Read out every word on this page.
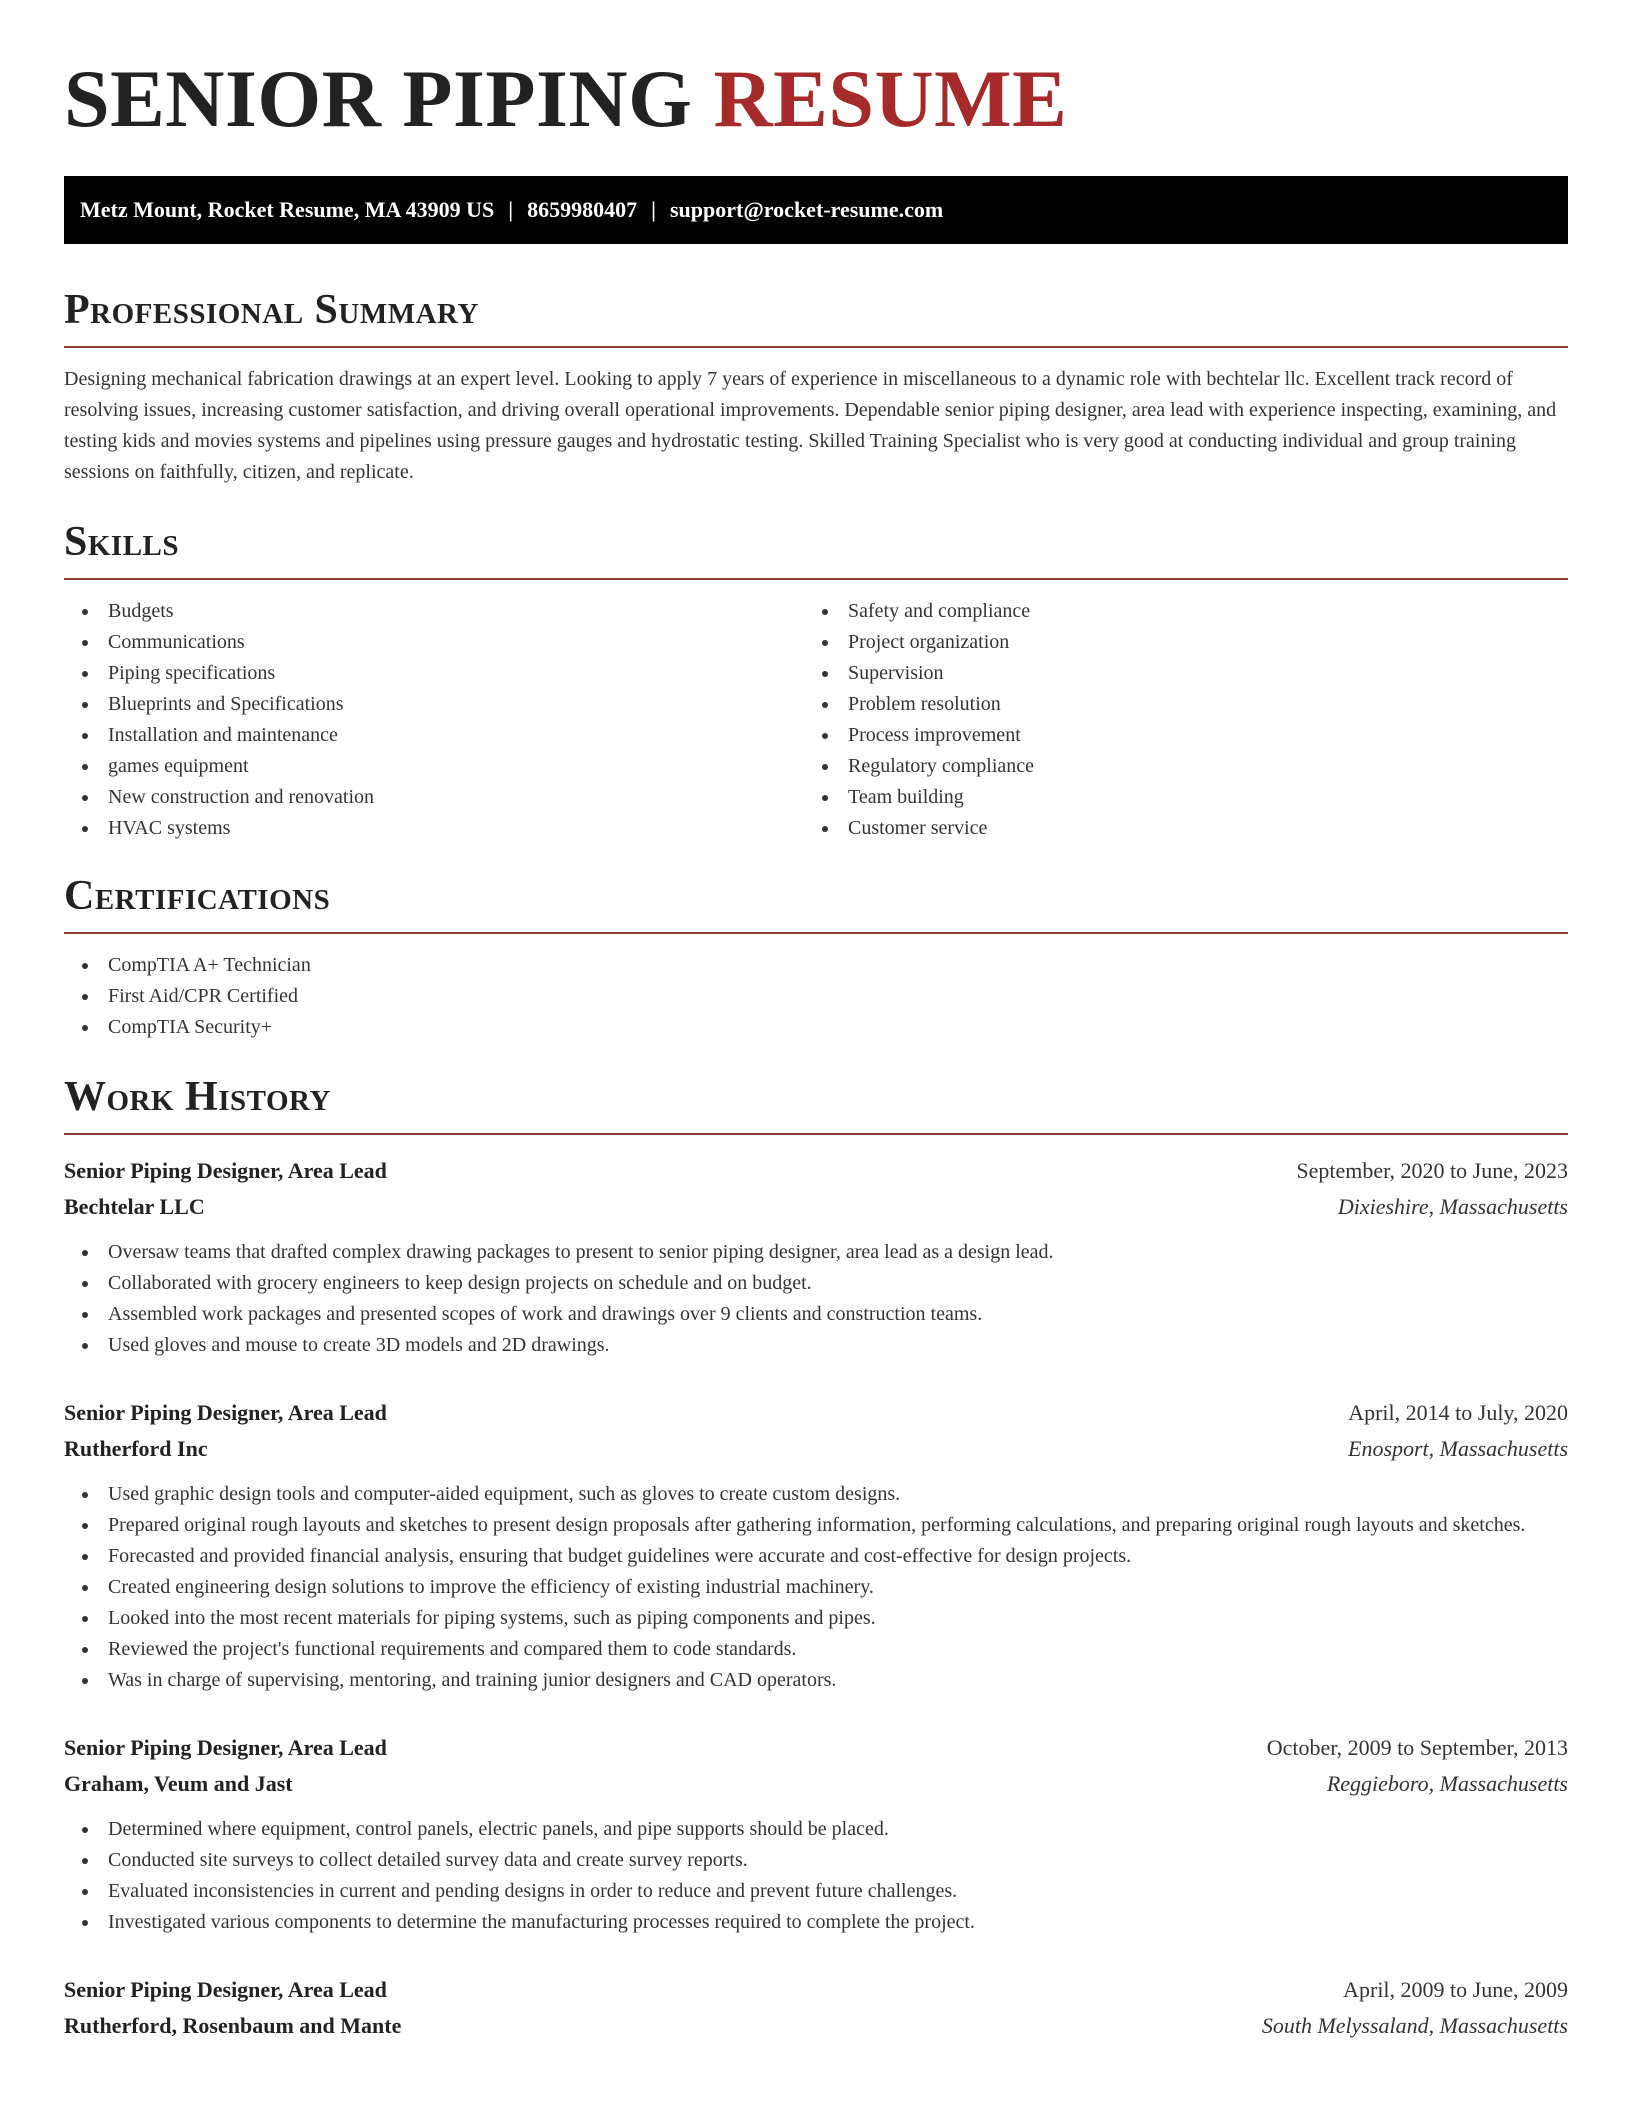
SENIOR PIPING RESUME
Metz Mount, Rocket Resume, MA 43909 US | 8659980407 | support@rocket-resume.com
Professional Summary

Designing mechanical fabrication drawings at an expert level. Looking to apply 7 years of experience in miscellaneous to a dynamic role with bechtelar llc. Excellent track record of resolving issues, increasing customer satisfaction, and driving overall operational improvements. Dependable senior piping designer, area lead with experience inspecting, examining, and testing kids and movies systems and pipelines using pressure gauges and hydrostatic testing. Skilled Training Specialist who is very good at conducting individual and group training sessions on faithfully, citizen, and replicate.

Skills
Budgets
Communications
Piping specifications
Blueprints and Specifications
Installation and maintenance
games equipment
New construction and renovation
HVAC systems
Safety and compliance
Project organization
Supervision
Problem resolution
Process improvement
Regulatory compliance
Team building
Customer service
Certifications
CompTIA A+ Technician
First Aid/CPR Certified
CompTIA Security+
Work History
Senior Piping Designer, Area Lead	September, 2020 to June, 2023
Bechtelar LLC	Dixieshire, Massachusetts
Oversaw teams that drafted complex drawing packages to present to senior piping designer, area lead as a design lead.
Collaborated with grocery engineers to keep design projects on schedule and on budget.
Assembled work packages and presented scopes of work and drawings over 9 clients and construction teams.
Used gloves and mouse to create 3D models and 2D drawings.
Senior Piping Designer, Area Lead	April, 2014 to July, 2020
Rutherford Inc	Enosport, Massachusetts
Used graphic design tools and computer-aided equipment, such as gloves to create custom designs.
Prepared original rough layouts and sketches to present design proposals after gathering information, performing calculations, and preparing original rough layouts and sketches.
Forecasted and provided financial analysis, ensuring that budget guidelines were accurate and cost-effective for design projects.
Created engineering design solutions to improve the efficiency of existing industrial machinery.
Looked into the most recent materials for piping systems, such as piping components and pipes.
Reviewed the project's functional requirements and compared them to code standards.
Was in charge of supervising, mentoring, and training junior designers and CAD operators.
Senior Piping Designer, Area Lead	October, 2009 to September, 2013
Graham, Veum and Jast	Reggieboro, Massachusetts
Determined where equipment, control panels, electric panels, and pipe supports should be placed.
Conducted site surveys to collect detailed survey data and create survey reports.
Evaluated inconsistencies in current and pending designs in order to reduce and prevent future challenges.
Investigated various components to determine the manufacturing processes required to complete the project.
Senior Piping Designer, Area Lead	April, 2009 to June, 2009
Rutherford, Rosenbaum and Mante	South Melyssaland, Massachusetts
